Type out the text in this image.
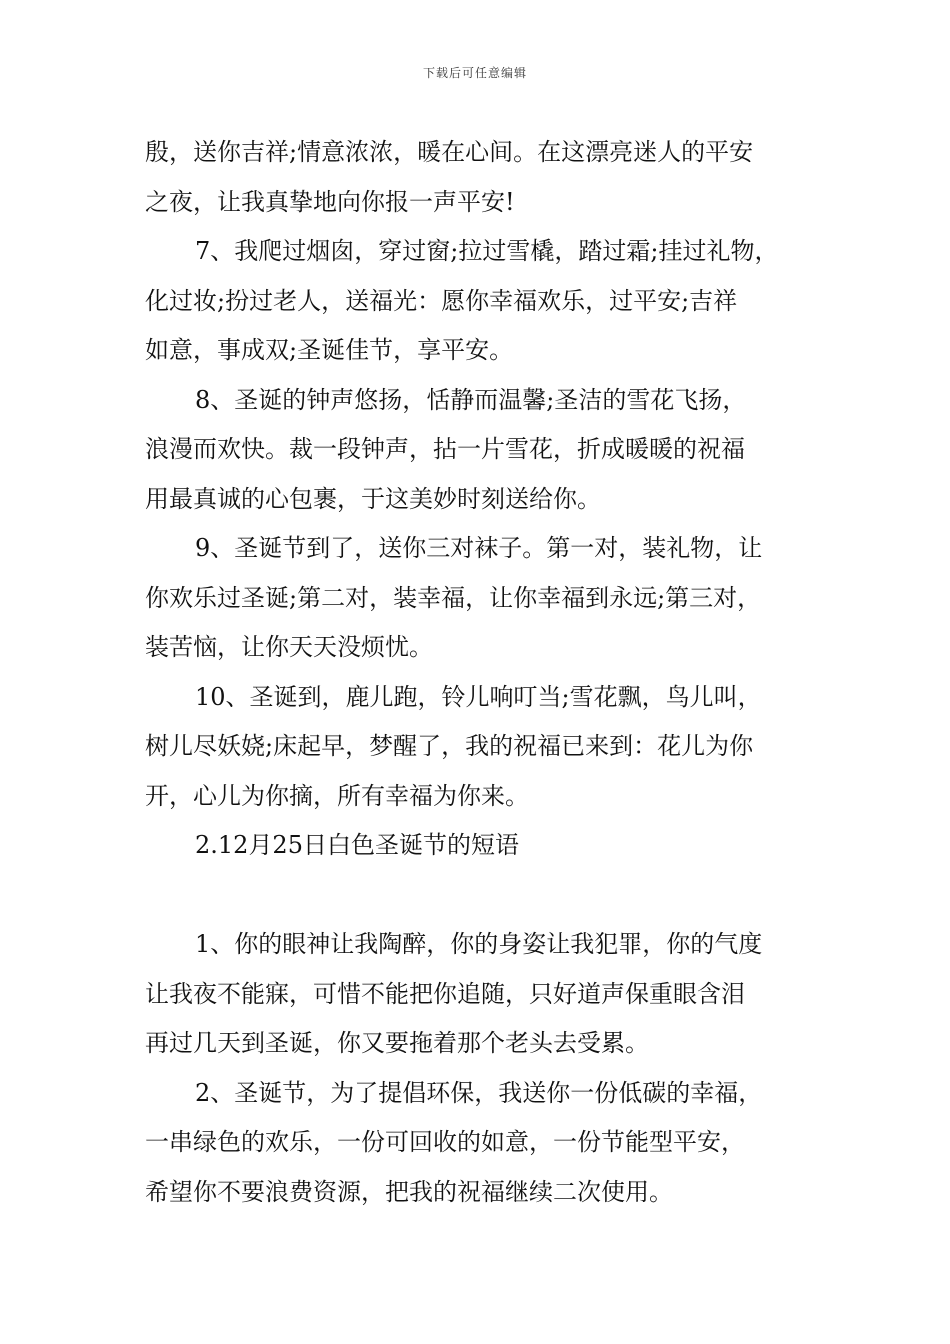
下载后可任意编辑
殷，送你吉祥;情意浓浓，暖在心间。在这漂亮迷人的平安
之夜，让我真挚地向你报一声平安!
7、我爬过烟囱，穿过窗;拉过雪橇，踏过霜;挂过礼物，
化过妆;扮过老人，送福光：愿你幸福欢乐，过平安;吉祥
如意，事成双;圣诞佳节，享平安。
8、圣诞的钟声悠扬，恬静而温馨;圣洁的雪花飞扬，
浪漫而欢快。裁一段钟声，拈一片雪花，折成暖暖的祝福
用最真诚的心包裹，于这美妙时刻送给你。
9、圣诞节到了，送你三对袜子。第一对，装礼物，让
你欢乐过圣诞;第二对，装幸福，让你幸福到永远;第三对，
装苦恼，让你天天没烦忧。
10、圣诞到，鹿儿跑，铃儿响叮当;雪花飘，鸟儿叫，
树儿尽妖娆;床起早，梦醒了，我的祝福已来到：花儿为你
开，心儿为你摘，所有幸福为你来。
2.12月25日白色圣诞节的短语
1、你的眼神让我陶醉，你的身姿让我犯罪，你的气度
让我夜不能寐，可惜不能把你追随，只好道声保重眼含泪
再过几天到圣诞，你又要拖着那个老头去受累。
2、圣诞节，为了提倡环保，我送你一份低碳的幸福，
一串绿色的欢乐，一份可回收的如意，一份节能型平安，
希望你不要浪费资源，把我的祝福继续二次使用。
